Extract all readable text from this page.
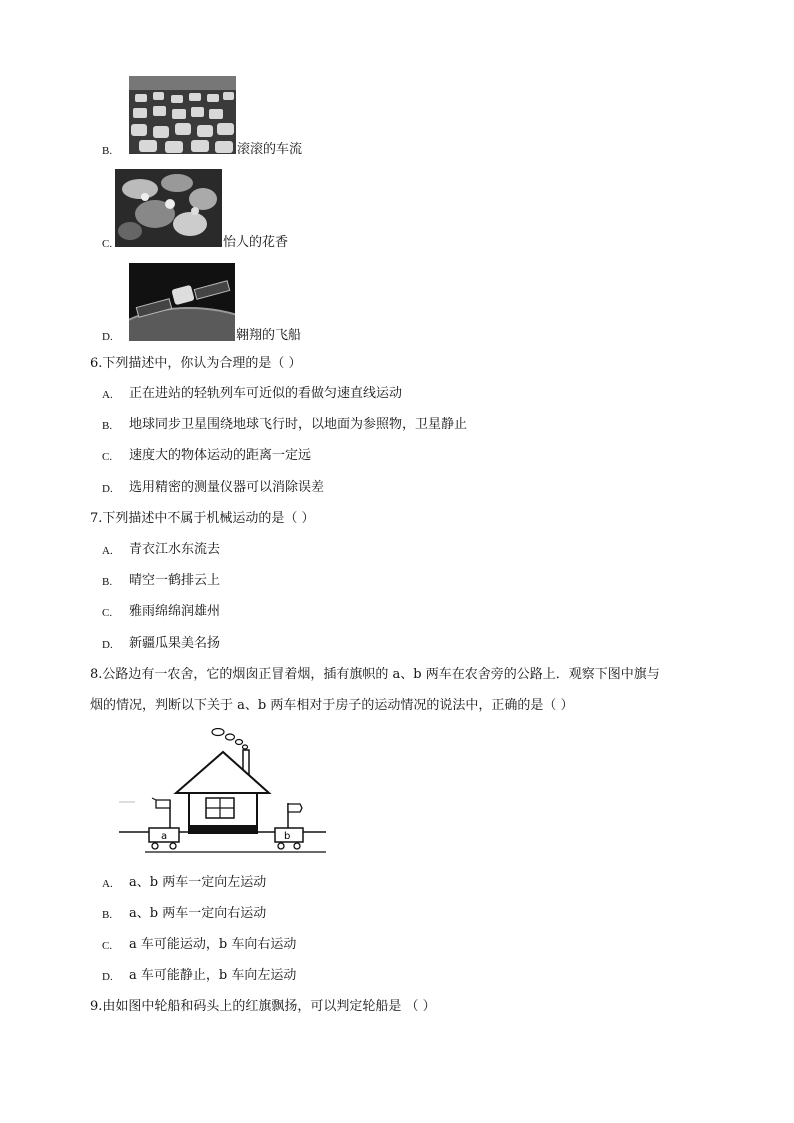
B.	滚滚的车流
C.	怡人的花香
D.	翱翔的飞船
6.下列描述中，你认为合理的是（ ）
A. 正在进站的轻轨列车可近似的看做匀速直线运动
B. 地球同步卫星围绕地球飞行时，以地面为参照物，卫星静止
C. 速度大的物体运动的距离一定远
D. 选用精密的测量仪器可以消除误差
7.下列描述中不属于机械运动的是（ ）
A. 青衣江水东流去
B. 晴空一鹤排云上
C. 雅雨绵绵润雄州
D. 新疆瓜果美名扬
8.公路边有一农舍，它的烟囱正冒着烟，插有旗帜的 a、b 两车在农舍旁的公路上．观察下图中旗与
烟的情况，判断以下关于 a、b 两车相对于房子的运动情况的说法中，正确的是（ ）
a	b
A. a、b 两车一定向左运动
B. a、b 两车一定向右运动
C. a 车可能运动，b 车向右运动
D. a 车可能静止，b 车向左运动
9.由如图中轮船和码头上的红旗飘扬，可以判定轮船是 （ ）
